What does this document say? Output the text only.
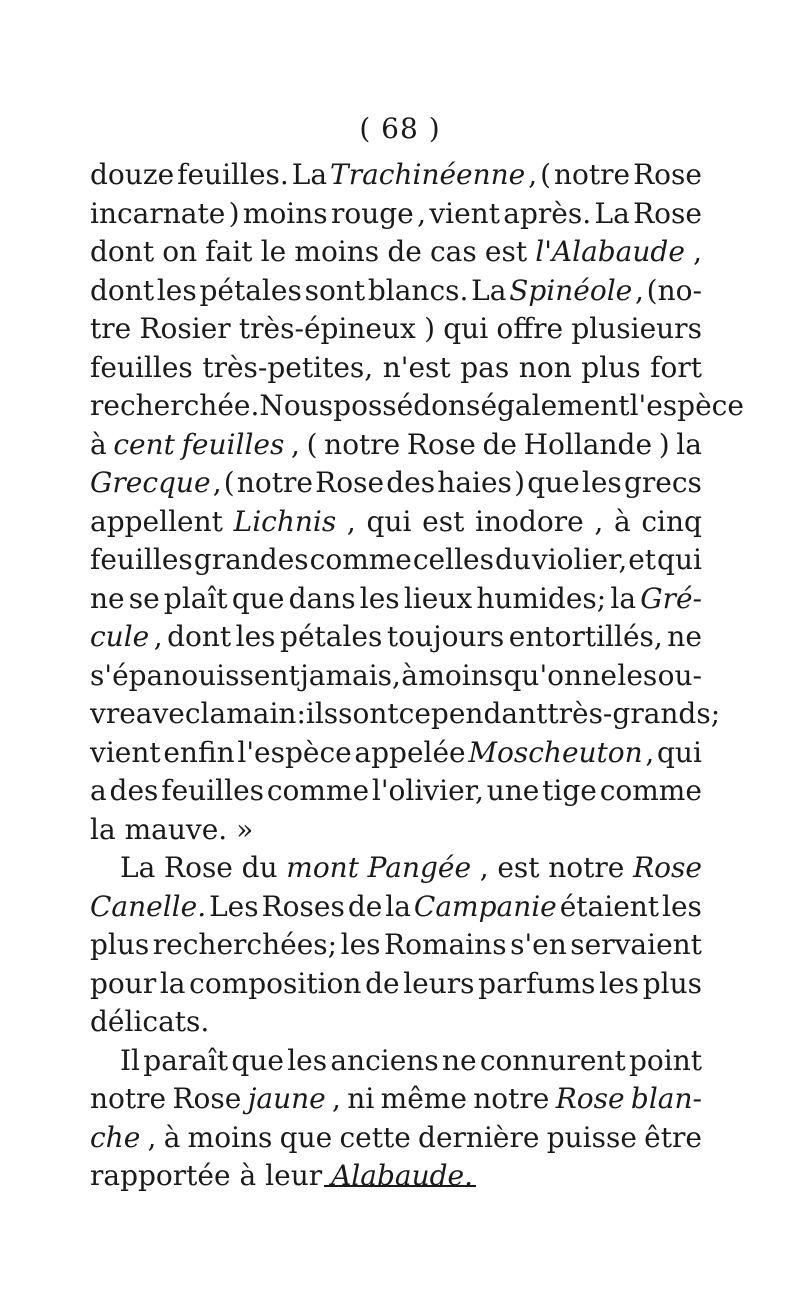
( 68 )
douze feuilles. La Trachinéenne , ( notre Rose
incarnate ) moins rouge , vient après. La Rose
dont on fait le moins de cas est l'Alabaude ,
dont les pétales sont blancs. La Spinéole , (no-
tre Rosier très-épineux ) qui offre plusieurs
feuilles très-petites, n'est pas non plus fort
recherchée. Nous possédons également l'espèce
à cent feuilles , ( notre Rose de Hollande ) la
Grecque , ( notre Rose des haies ) que les grecs
appellent Lichnis , qui est inodore , à cinq
feuilles grandes comme celles du violier, et qui
ne se plaît que dans les lieux humides; la Gré-
cule , dont les pétales toujours entortillés, ne
s'épanouissent jamais, à moins qu'on ne les ou-
vre avec la main : ils sont cependant très-grands;
vient enfin l'espèce appelée Moscheuton , qui
a des feuilles comme l'olivier, une tige comme
la mauve. »
La Rose du mont Pangée , est notre Rose
Canelle. Les Roses de la Campanie étaient les
plus recherchées; les Romains s'en servaient
pour la composition de leurs parfums les plus
délicats.
Il paraît que les anciens ne connurent point
notre Rose jaune , ni même notre Rose blan-
che , à moins que cette dernière puisse être
rapportée à leur Alabaude.
